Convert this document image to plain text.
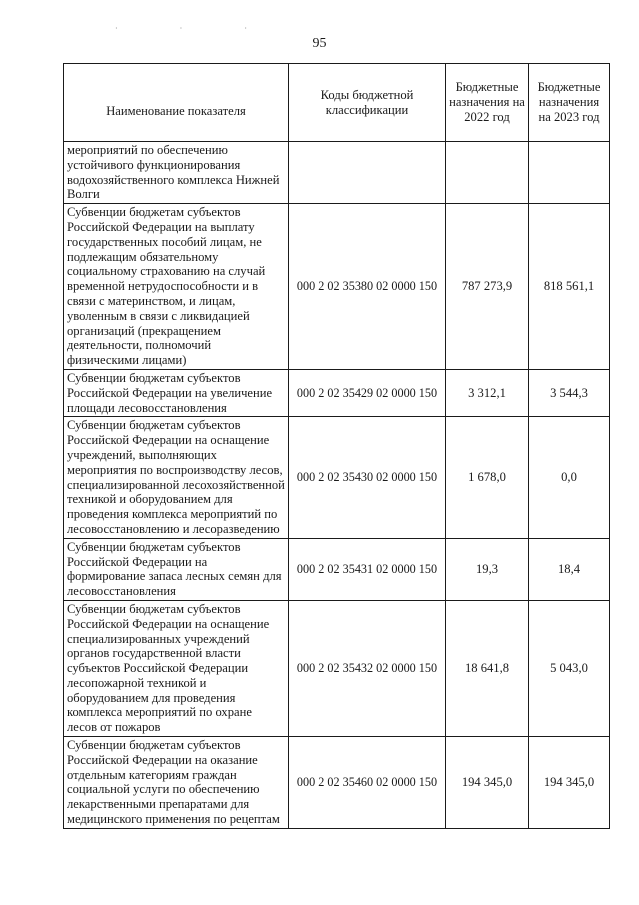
· · ·
95
Наименование показателя	Коды бюджетной классификации	Бюджетные назначения на 2022 год	Бюджетные назначения на 2023 год
мероприятий по обеспечению устойчивого функционирования водохозяйственного комплекса Нижней Волги			
Субвенции бюджетам субъектов Российской Федерации на выплату государственных пособий лицам, не подлежащим обязательному социальному страхованию на случай временной нетрудоспособности и в связи с материнством, и лицам, уволенным в связи с ликвидацией организаций (прекращением деятельности, полномочий физическими лицами)	000 2 02 35380 02 0000 150	787 273,9	818 561,1
Субвенции бюджетам субъектов Российской Федерации на увеличение площади лесовосстановления	000 2 02 35429 02 0000 150	3 312,1	3 544,3
Субвенции бюджетам субъектов Российской Федерации на оснащение учреждений, выполняющих мероприятия по воспроизводству лесов, специализированной лесохозяйственной техникой и оборудованием для проведения комплекса мероприятий по лесовосстановлению и лесоразведению	000 2 02 35430 02 0000 150	1 678,0	0,0
Субвенции бюджетам субъектов Российской Федерации на формирование запаса лесных семян для лесовосстановления	000 2 02 35431 02 0000 150	19,3	18,4
Субвенции бюджетам субъектов Российской Федерации на оснащение специализированных учреждений органов государственной власти субъектов Российской Федерации лесопожарной техникой и оборудованием для проведения комплекса мероприятий по охране лесов от пожаров	000 2 02 35432 02 0000 150	18 641,8	5 043,0
Субвенции бюджетам субъектов Российской Федерации на оказание отдельным категориям граждан социальной услуги по обеспечению лекарственными препаратами для медицинского применения по рецептам	000 2 02 35460 02 0000 150	194 345,0	194 345,0
